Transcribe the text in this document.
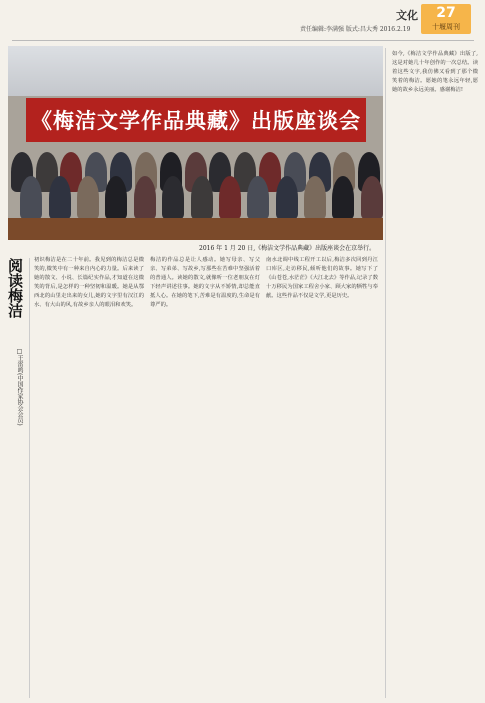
责任编辑:李满强 版式:昌大秀 2016.2.19
文化	27
十堰周刊
《梅洁文学作品典藏》出版座谈会
2016 年 1 月 20 日,《梅洁文学作品典藏》出版座谈会在京举行。
阅读梅洁
□王雷鸣(中国作家协会会员)
初识梅洁是在二十年前。我见到的梅洁总是微笑的,微笑中有一种来自内心的力量。后来读了她的散文、小说、长篇纪实作品,才知道在这微笑的背后,是怎样的一种坚韧和温暖。她是从鄂西北的山里走出来的女儿,她的文字里有汉江的水、有大山的风,有故乡亲人的眼泪和欢笑。
梅洁的作品总是让人感动。她写母亲、写父亲、写弟弟、写故乡,写那些在苦难中坚强活着的普通人。读她的散文,就像听一位老朋友在灯下轻声讲述往事。她的文字从不矫情,却总能直抵人心。在她的笔下,苦难是有温度的,生命是有尊严的。
南水北调中线工程开工以后,梅洁多次回到丹江口库区,走访移民,倾听他们的故事。她写下了《山苍苍,水茫茫》《大江北去》等作品,记录了数十万移民为国家工程舍小家、顾大家的牺牲与奉献。这些作品不仅是文学,更是历史。
如今,《梅洁文学作品典藏》出版了,这是对她几十年创作的一次总结。读着这些文字,我仿佛又看到了那个微笑着的梅洁。愿她的笔永远年轻,愿她的故乡永远美丽。感谢梅洁!
